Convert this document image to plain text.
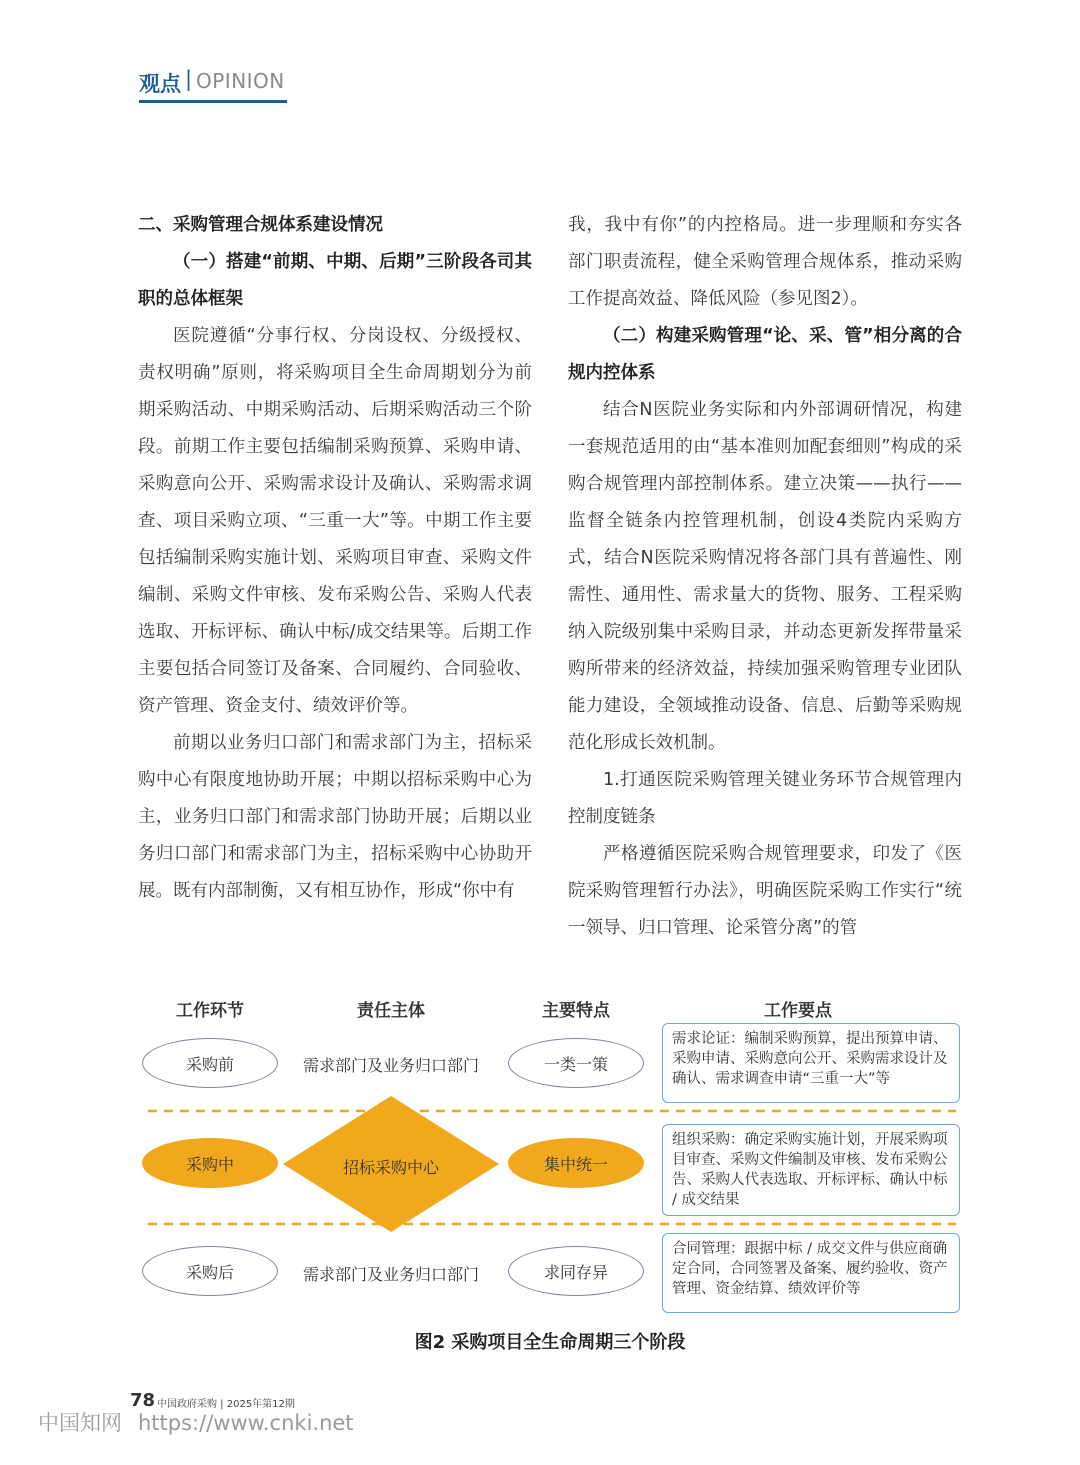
观点 | OPINION

二、采购管理合规体系建设情况

（一）搭建“前期、中期、后期”三阶段各司其职的总体框架

医院遵循“分事行权、分岗设权、分级授权、责权明确”原则，将采购项目全生命周期划分为前期采购活动、中期采购活动、后期采购活动三个阶段。前期工作主要包括编制采购预算、采购申请、采购意向公开、采购需求设计及确认、采购需求调查、项目采购立项、“三重一大”等。中期工作主要包括编制采购实施计划、采购项目审查、采购文件编制、采购文件审核、发布采购公告、采购人代表选取、开标评标、确认中标/成交结果等。后期工作主要包括合同签订及备案、合同履约、合同验收、资产管理、资金支付、绩效评价等。

前期以业务归口部门和需求部门为主，招标采购中心有限度地协助开展；中期以招标采购中心为主，业务归口部门和需求部门协助开展；后期以业务归口部门和需求部门为主，招标采购中心协助开展。既有内部制衡，又有相互协作，形成“你中有

我，我中有你”的内控格局。进一步理顺和夯实各部门职责流程，健全采购管理合规体系，推动采购工作提高效益、降低风险（参见图2）。

（二）构建采购管理“论、采、管”相分离的合规内控体系

结合N医院业务实际和内外部调研情况，构建一套规范适用的由“基本准则加配套细则”构成的采购合规管理内部控制体系。建立决策——执行——监督全链条内控管理机制，创设4类院内采购方式，结合N医院采购情况将各部门具有普遍性、刚需性、通用性、需求量大的货物、服务、工程采购纳入院级别集中采购目录，并动态更新发挥带量采购所带来的经济效益，持续加强采购管理专业团队能力建设，全领域推动设备、信息、后勤等采购规范化形成长效机制。

1.打通医院采购管理关键业务环节合规管理内控制度链条

严格遵循医院采购合规管理要求，印发了《医院采购管理暂行办法》，明确医院采购工作实行“统一领导、归口管理、论采管分离”的管

工作环节	责任主体	主要特点	工作要点
采购前	需求部门及业务归口部门	一类一策
需求论证：编制采购预算，提出预算申请、采购申请、采购意向公开、采购需求设计及确认、需求调查申请“三重一大”等
采购中	招标采购中心	集中统一
组织采购：确定采购实施计划，开展采购项目审查、采购文件编制及审核、发布采购公告、采购人代表选取、开标评标、确认中标 / 成交结果
采购后	需求部门及业务归口部门	求同存异
合同管理：跟据中标 / 成交文件与供应商确定合同，合同签署及备案、履约验收、资产管理、资金结算、绩效评价等
图2 采购项目全生命周期三个阶段
78 中国政府采购 | 2025年第12期
中国知网 https://www.cnki.net
